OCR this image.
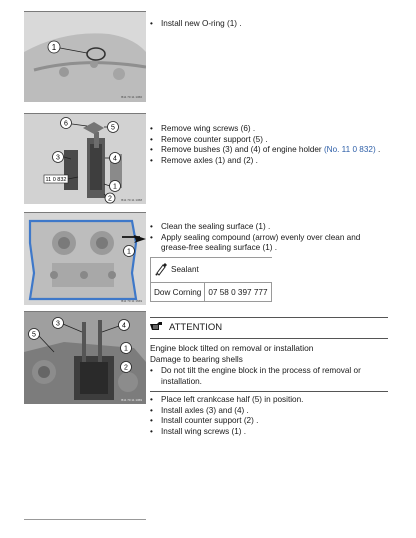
1
B11 70 11 1366

• Install new O-ring (1) .

6
5
3	4
1
2
11 0 832
B11 70 11 1368

• Remove wing screws (6) .

• Remove counter support (5) .

• Remove bushes (3) and (4) of engine holder (No. 11 0 832) .

• Remove axles (1) and (2) .

1
B11 70 11 1669

• Clean the sealing surface (1) .

• Apply sealing compound (arrow) evenly over clean and grease-free sealing surface (1) .

Sealant
Dow Corning	07 58 0 397 777
5
3	4
1
2
B11 70 11 1369
ATTENTION
Engine block tilted on removal or installation
Damage to bearing shells

• Do not tilt the engine block in the process of removal or installation.

• Place left crankcase half (5) in position.

• Install axles (3) and (4) .

• Install counter support (2) .

• Install wing screws (1) .
